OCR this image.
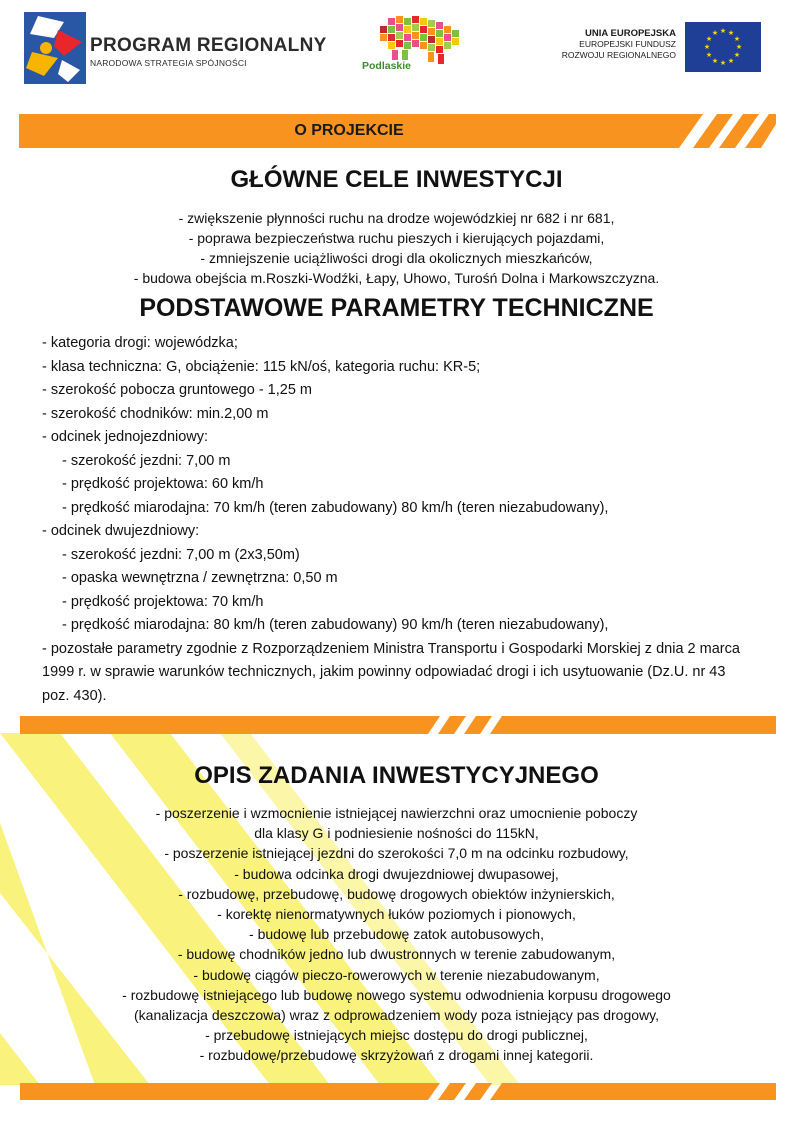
PROGRAM REGIONALNY
NARODOWA STRATEGIA SPÓJNOŚCI	Podlaskie
UNIA EUROPEJSKA
EUROPEJSKI FUNDUSZ
ROZWOJU REGIONALNEGO
★ ★
★
★
★
★
★
★
★
★
★
★
O PROJEKCIE
GŁÓWNE CELE INWESTYCJI
- zwiększenie płynności ruchu na drodze wojewódzkiej nr 682 i nr 681,
- poprawa bezpieczeństwa ruchu pieszych i kierujących pojazdami,
- zmniejszenie uciążliwości drogi dla okolicznych mieszkańców,
- budowa obejścia m.Roszki-Wodźki, Łapy, Uhowo, Turośń Dolna i Markowszczyzna.
PODSTAWOWE PARAMETRY TECHNICZNE
- kategoria drogi: wojewódzka;
- klasa techniczna: G, obciążenie: 115 kN/oś, kategoria ruchu: KR-5;
- szerokość pobocza gruntowego - 1,25 m
- szerokość chodników: min.2,00 m
- odcinek jednojezdniowy:
- szerokość jezdni: 7,00 m
- prędkość projektowa: 60 km/h
- prędkość miarodajna: 70 km/h (teren zabudowany) 80 km/h (teren niezabudowany),
- odcinek dwujezdniowy:
- szerokość jezdni: 7,00 m (2x3,50m)
- opaska wewnętrzna / zewnętrzna: 0,50 m
- prędkość projektowa: 70 km/h
- prędkość miarodajna: 80 km/h (teren zabudowany) 90 km/h (teren niezabudowany),
- pozostałe parametry zgodnie z Rozporządzeniem Ministra Transportu i Gospodarki Morskiej z dnia 2 marca 1999 r. w sprawie warunków technicznych, jakim powinny odpowiadać drogi i ich usytuowanie (Dz.U. nr 43 poz. 430).
OPIS ZADANIA INWESTYCYJNEGO
- poszerzenie i wzmocnienie istniejącej nawierzchni oraz umocnienie poboczy
dla klasy G i podniesienie nośności do 115kN,
- poszerzenie istniejącej jezdni do szerokości 7,0 m na odcinku rozbudowy,
- budowa odcinka drogi dwujezdniowej dwupasowej,
- rozbudowę, przebudowę, budowę drogowych obiektów inżynierskich,
- korektę nienormatywnych łuków poziomych i pionowych,
- budowę lub przebudowę zatok autobusowych,
- budowę chodników jedno lub dwustronnych w terenie zabudowanym,
- budowę ciągów pieczo-rowerowych w terenie niezabudowanym,
- rozbudowę istniejącego lub budowę nowego systemu odwodnienia korpusu drogowego
(kanalizacja deszczowa) wraz z odprowadzeniem wody poza istniejący pas drogowy,
- przebudowę istniejących miejsc dostępu do drogi publicznej,
- rozbudowę/przebudowę skrzyżowań z drogami innej kategorii.
